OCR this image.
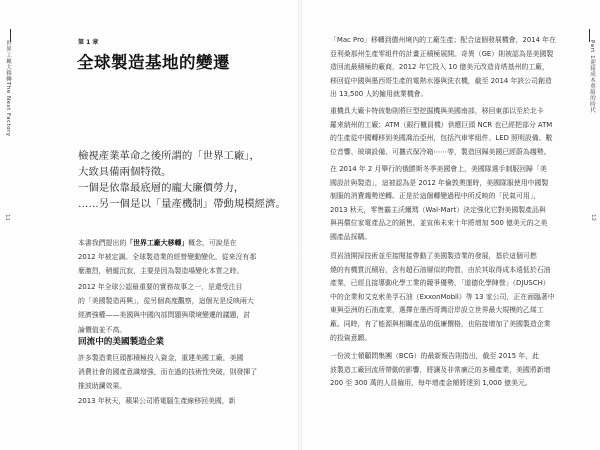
世界工廠大移轉The Next Factory
11
第 1 章
全球製造基地的變遷
檢視產業革命之後所謂的「世界工廠」，
大致具備兩個特徵。
一個是依靠最底層的龐大廉價勞力，
……另一個是以「量產機制」帶動規模經濟。
本書我們提出的「世界工廠大移轉」概念，可說是在
2012 年被定調。全球製造業的經營變動變化，從來沒有那
麼激烈，稍縱沉寂，主要是因為製造場變化本質之時。
2012 年全球公認最重要的實務故事之一，是還受注目
的「美國製造再興」，從另個高度觀察，這個光是反映兩大
經濟強權——美國與中國內部問題與環境變遷的議題，討
論價值並不高。
回流中的美國製造企業
許多製造業巨頭都積極投入資金，重建美國工廠，美國
消費社會的國產意識增強，而在過的技術性突破，則發揮了
推波助瀾效果。
2013 年秋天，蘋果公司將電腦生產線移回美國，新
Part 1迎接成本重組的時代
12
「Mac Pro」移轉到德州境內的工廠生產；配合這個發展機會，2014 年在
亞利桑那州生產零組件的計畫正積極展開。奇異（GE）則被認為是美國製
造回流最積極的廠商，2012 年它投入 10 億美元改造肯塔基州的工廠，
移回從中國與墨西哥生產的電熱水器與洗衣機，截至 2014 年該公司創造
出 13,500 人的僱用就業機會。
重機具大廠卡特彼勒則將巨型挖掘機與美國南部，移回東部以至於北卡
羅來納州的工廠；ATM（銀行櫃員機）供應巨頭 NCR 也已經把部分 ATM
的生產從中國轉移到美國喬治亞州，包括汽車零組件、LED 照明設備、數
位音響、玻璃設備、可攜式保冷箱⋯⋯等，製造回歸美國已經蔚為趨勢。
在 2014 年 2 月舉行的俄勝斯冬季美國會上，美國隊選手制服回歸「美
國設計與製造」，這被認為是 2012 年倫敦奧運時，美國隊服使用中國製
制服的消費趨勢逆轉。正是於這個轉變過程中所反映的「民氣可用」，
2013 秋天，零售霸主沃爾瑪（Wal-Mart）決定強化它對美國製產品與
與再償位家電產品之的銷售，並宣佈未來十年將增加 500 億美元的之美
國產品採購。
頁岩油開採技術並至接閱接帶動了美國製造業的發展，基於這個可燃
燒的有機質沉積岩，含有超石油層似的物質，由於其取得成本遠低於石油
產業，已經且接導動化學工業的競爭優勢，「道德化學陣營」（DJUSCH）
中的企業和艾克索美孚石油（ExxonMobil）等 13 家公司，正在面臨著中
東與亞洲的石油產業，選擇在墨西哥灣沿岸設立世界最大規模的乙烯工
廠。同時，有了能源與相關產品的低廉價格，也陷接增加了美國製造企業
的投資意願。
一份波士頓顧問集團（BCG）的最新報告則指出，截至 2015 年，此
波製造工廠回流所帶動的影響，將讓及非常廣泛的多種產業，美國將新增
200 至 300 萬的人員僱用，每年增產金額將達到 1,000 億美元。
